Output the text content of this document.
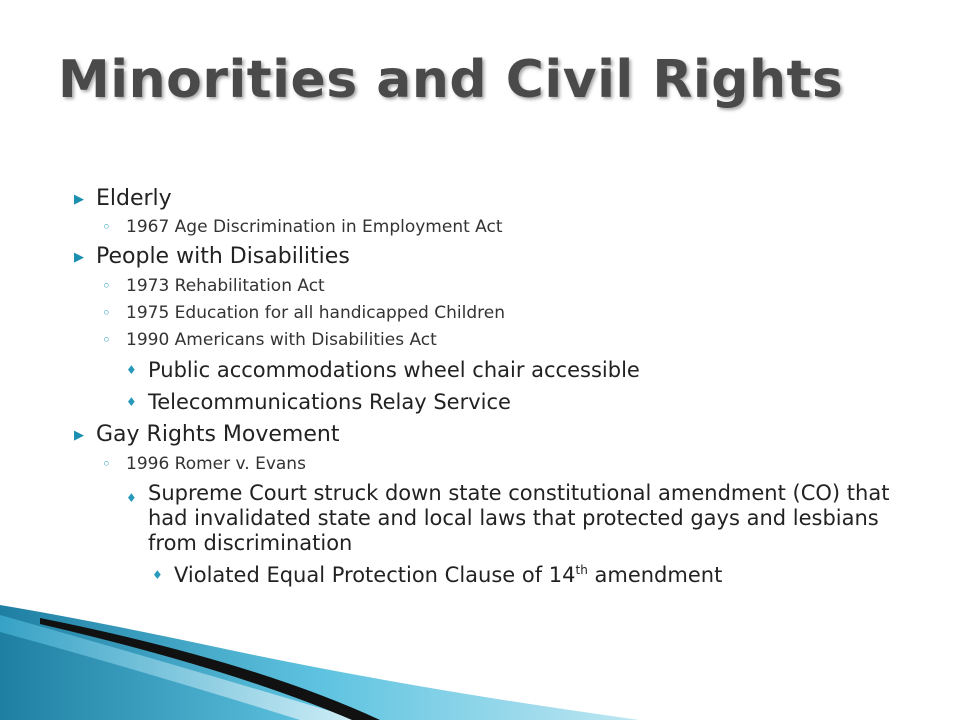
Minorities and Civil Rights
▶ Elderly
◦ 1967 Age Discrimination in Employment Act
▶ People with Disabilities
◦ 1973 Rehabilitation Act
◦ 1975 Education for all handicapped Children
◦ 1990 Americans with Disabilities Act
♦ Public accommodations wheel chair accessible
♦ Telecommunications Relay Service
▶ Gay Rights Movement
◦ 1996 Romer v. Evans
♦ Supreme Court struck down state constitutional amendment (CO) that had invalidated state and local laws that protected gays and lesbians from discrimination
♦ Violated Equal Protection Clause of 14th amendment
